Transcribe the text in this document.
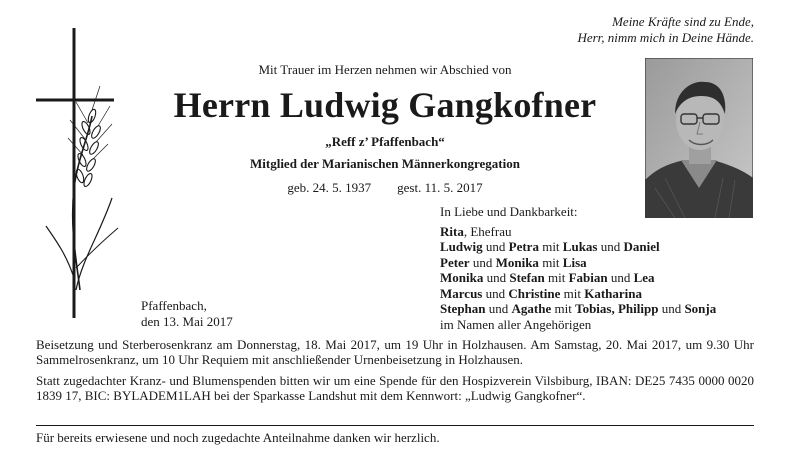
Meine Kräfte sind zu Ende,
Herr, nimm mich in Deine Hände.
Mit Trauer im Herzen nehmen wir Abschied von
Herrn Ludwig Gangkofner
„Reff z’ Pfaffenbach“
Mitglied der Marianischen Männerkongregation
geb. 24. 5. 1937 gest. 11. 5. 2017
In Liebe und Dankbarkeit:
Rita, Ehefrau
Ludwig und Petra mit Lukas und Daniel
Peter und Monika mit Lisa
Monika und Stefan mit Fabian und Lea
Marcus und Christine mit Katharina
Stephan und Agathe mit Tobias, Philipp und Sonja
im Namen aller Angehörigen
Pfaffenbach,
den 13. Mai 2017
Beisetzung und Sterberosenkranz am Donnerstag, 18. Mai 2017, um 19 Uhr in Holzhausen. Am Samstag, 20. Mai 2017, um 9.30 Uhr Sammelrosenkranz, um 10 Uhr Requiem mit anschließender Urnenbeisetzung in Holzhausen.
Statt zugedachter Kranz- und Blumenspenden bitten wir um eine Spende für den Hospizverein Vilsbiburg, IBAN: DE25 7435 0000 0020 1839 17, BIC: BYLADEM1LAH bei der Sparkasse Landshut mit dem Kennwort: „Ludwig Gangkofner“.
Für bereits erwiesene und noch zugedachte Anteilnahme danken wir herzlich.
